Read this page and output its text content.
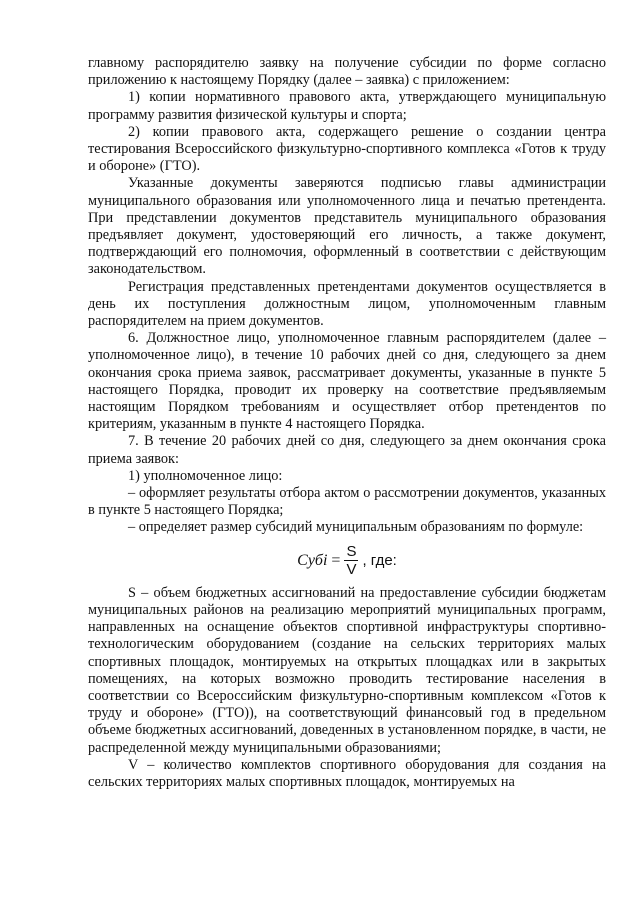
главному распорядителю заявку на получение субсидии по форме согласно приложению к настоящему Порядку (далее – заявка) с приложением:

1) копии нормативного правового акта, утверждающего муниципальную программу развития физической культуры и спорта;

2) копии правового акта, содержащего решение о создании центра тестирования Всероссийского физкультурно-спортивного комплекса «Готов к труду и обороне» (ГТО).

Указанные документы заверяются подписью главы администрации муниципального образования или уполномоченного лица и печатью претендента. При представлении документов представитель муниципального образования предъявляет документ, удостоверяющий его личность, а также документ, подтверждающий его полномочия, оформленный в соответствии с действующим законодательством.

Регистрация представленных претендентами документов осуществляется в день их поступления должностным лицом, уполномоченным главным распорядителем на прием документов.

6. Должностное лицо, уполномоченное главным распорядителем (далее – уполномоченное лицо), в течение 10 рабочих дней со дня, следующего за днем окончания срока приема заявок, рассматривает документы, указанные в пункте 5 настоящего Порядка, проводит их проверку на соответствие предъявляемым настоящим Порядком требованиям и осуществляет отбор претендентов по критериям, указанным в пункте 4 настоящего Порядка.

7. В течение 20 рабочих дней со дня, следующего за днем окончания срока приема заявок:

1) уполномоченное лицо:

– оформляет результаты отбора актом о рассмотрении документов, указанных в пункте 5 настоящего Порядка;

– определяет размер субсидий муниципальным образованиям по формуле:

Субі = $\frac{S}{V}$ , где:

S – объем бюджетных ассигнований на предоставление субсидии бюджетам муниципальных районов на реализацию мероприятий муниципальных программ, направленных на оснащение объектов спортивной инфраструктуры спортивно-технологическим оборудованием (создание на сельских территориях малых спортивных площадок, монтируемых на открытых площадках или в закрытых помещениях, на которых возможно проводить тестирование населения в соответствии со Всероссийским физкультурно-спортивным комплексом «Готов к труду и обороне» (ГТО)), на соответствующий финансовый год в предельном объеме бюджетных ассигнований, доведенных в установленном порядке, в части, не распределенной между муниципальными образованиями;

V – количество комплектов спортивного оборудования для создания на сельских территориях малых спортивных площадок, монтируемых на
